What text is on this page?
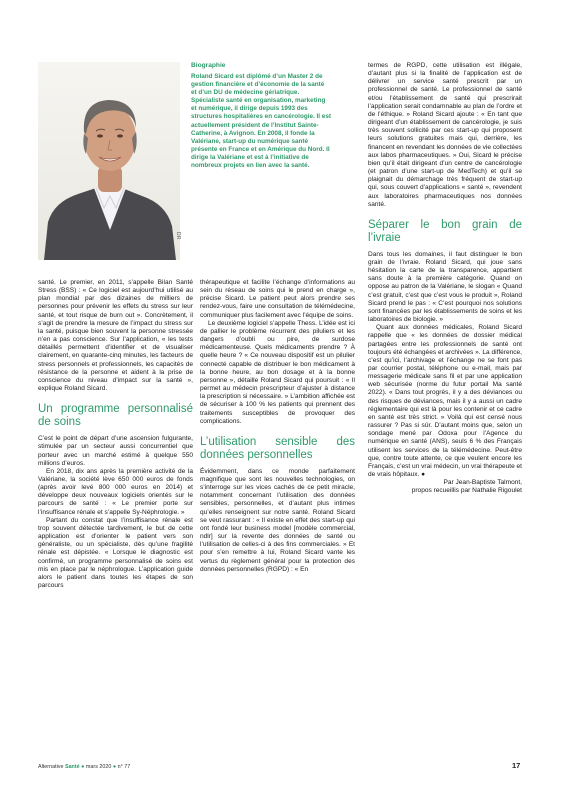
DR

Biographie

Roland Sicard est diplômé d’un Master 2 de gestion financière et d’économie de la santé et d’un DU de médecine gériatrique. Spécialiste santé en organisation, marketing et numérique, il dirige depuis 1993 des structures hospitalières en cancérologie. Il est actuellement président de l’Institut Sainte-Catherine, à Avignon. En 2008, il fonde la Valériane, start-up du numérique santé présente en France et en Amérique du Nord. Il dirige la Valériane et est à l’initiative de nombreux projets en lien avec la santé.

santé. Le premier, en 2011, s’appelle Bilan Santé Stress (BSS) : « Ce logiciel est aujourd’hui utilisé au plan mondial par des dizaines de milliers de personnes pour prévenir les effets du stress sur leur santé, et tout risque de burn out ». Concrètement, il s’agit de prendre la mesure de l’impact du stress sur la santé, puisque bien souvent la personne stressée n’en a pas conscience. Sur l’application, « les tests détaillés permettent d’identifier et de visualiser clairement, en quarante-cinq minutes, les facteurs de stress personnels et professionnels, les capacités de résistance de la personne et aident à la prise de conscience du niveau d’impact sur la santé », explique Roland Sicard.

Un programme personnalisé de soins

C’est le point de départ d’une ascension fulgurante, stimulée par un secteur aussi concurrentiel que porteur avec un marché estimé à quelque 550 millions d’euros.

En 2018, dix ans après la première activité de la Valériane, la société lève 650 000 euros de fonds (après avoir levé 800 000 euros en 2014) et développe deux nouveaux logiciels orientés sur le parcours de santé : « Le premier porte sur l’insuffisance rénale et s’appelle Sy-Néphrologie. »

Partant du constat que l’insuffisance rénale est trop souvent détectée tardivement, le but de cette application est d’orienter le patient vers son généraliste, ou un spécialiste, dès qu’une fragilité rénale est dépistée. « Lorsque le diagnostic est confirmé, un programme personnalisé de soins est mis en place par le néphrologue. L’application guide alors le patient dans toutes les étapes de son parcours

thérapeutique et facilite l’échange d’informations au sein du réseau de soins qui le prend en charge », précise Sicard. Le patient peut alors prendre ses rendez-vous, faire une consultation de télémédecine, communiquer plus facilement avec l’équipe de soins.

Le deuxième logiciel s’appelle Thess. L’idée est ici de pallier le problème récurrent des piluliers et les dangers d’oubli ou pire, de surdose médicamenteuse. Quels médicaments prendre ? À quelle heure ? « Ce nouveau dispositif est un pilulier connecté capable de distribuer le bon médicament à la bonne heure, au bon dosage et à la bonne personne », détaille Roland Sicard qui poursuit : « Il permet au médecin prescripteur d’ajuster à distance la prescription si nécessaire. » L’ambition affichée est de sécuriser à 100 % les patients qui prennent des traitements susceptibles de provoquer des complications.

L’utilisation sensible des données personnelles

Évidemment, dans ce monde parfaitement magnifique que sont les nouvelles technologies, on s’interroge sur les vices cachés de ce petit miracle, notamment concernant l’utilisation des données sensibles, personnelles, et d’autant plus intimes qu’elles renseignent sur notre santé. Roland Sicard se veut rassurant : « Il existe en effet des start-up qui ont fondé leur business model [modèle commercial, ndlr] sur la revente des données de santé ou l’utilisation de celles-ci à des fins commerciales. » Et pour s’en remettre à lui, Roland Sicard vante les vertus du règlement général pour la protection des données personnelles (RGPD) : « En

termes de RGPD, cette utilisation est illégale, d’autant plus si la finalité de l’application est de délivrer un service santé prescrit par un professionnel de santé. Le professionnel de santé et/ou l’établissement de santé qui prescrirait l’application serait condamnable au plan de l’ordre et de l’éthique. » Roland Sicard ajoute : « En tant que dirigeant d’un établissement de cancérologie, je suis très souvent sollicité par ces start-up qui proposent leurs solutions gratuites mais qui, derrière, les financent en revendant les données de vie collectées aux labos pharmaceutiques. » Oui, Sicard le précise bien qu’il était dirigeant d’un centre de cancérologie (et patron d’une start-up de MedTech) et qu’il se plaignait du démarchage très fréquent de start-up qui, sous couvert d’applications « santé », revendent aux laboratoires pharmaceutiques nos données santé.

Séparer le bon grain de l’ivraie

Dans tous les domaines, il faut distinguer le bon grain de l’ivraie. Roland Sicard, qui joue sans hésitation la carte de la transparence, appartient sans doute à la première catégorie. Quand on oppose au patron de la Valériane, le slogan « Quand c’est gratuit, c’est que c’est vous le produit », Roland Sicard prend le pas : « C’est pourquoi nos solutions sont financées par les établissements de soins et les laboratoires de biologie. »

Quant aux données médicales, Roland Sicard rappelle que « les données de dossier médical partagées entre les professionnels de santé ont toujours été échangées et archivées ». La différence, c’est qu’ici, l’archivage et l’échange ne se font pas par courrier postal, téléphone ou e-mail, mais par messagerie médicale sans fil et par une application web sécurisée (norme du futur portail Ma santé 2022). « Dans tout progrès, il y a des déviances ou des risques de déviances, mais il y a aussi un cadre réglementaire qui est là pour les contenir et ce cadre en santé est très strict. » Voilà qui est censé nous rassurer ? Pas si sûr. D’autant moins que, selon un sondage mené par Odoxa pour l’Agence du numérique en santé (ANS), seuls 6 % des Français utilisent les services de la télémédecine. Peut-être que, contre toute attente, ce que veulent encore les Français, c’est un vrai médecin, un vrai thérapeute et de vrais hôpitaux. ●

Par Jean-Baptiste Talmont,

propos recueillis par Nathalie Rigoulet

Alternative Santé ● mars 2020 ● n° 77	17
